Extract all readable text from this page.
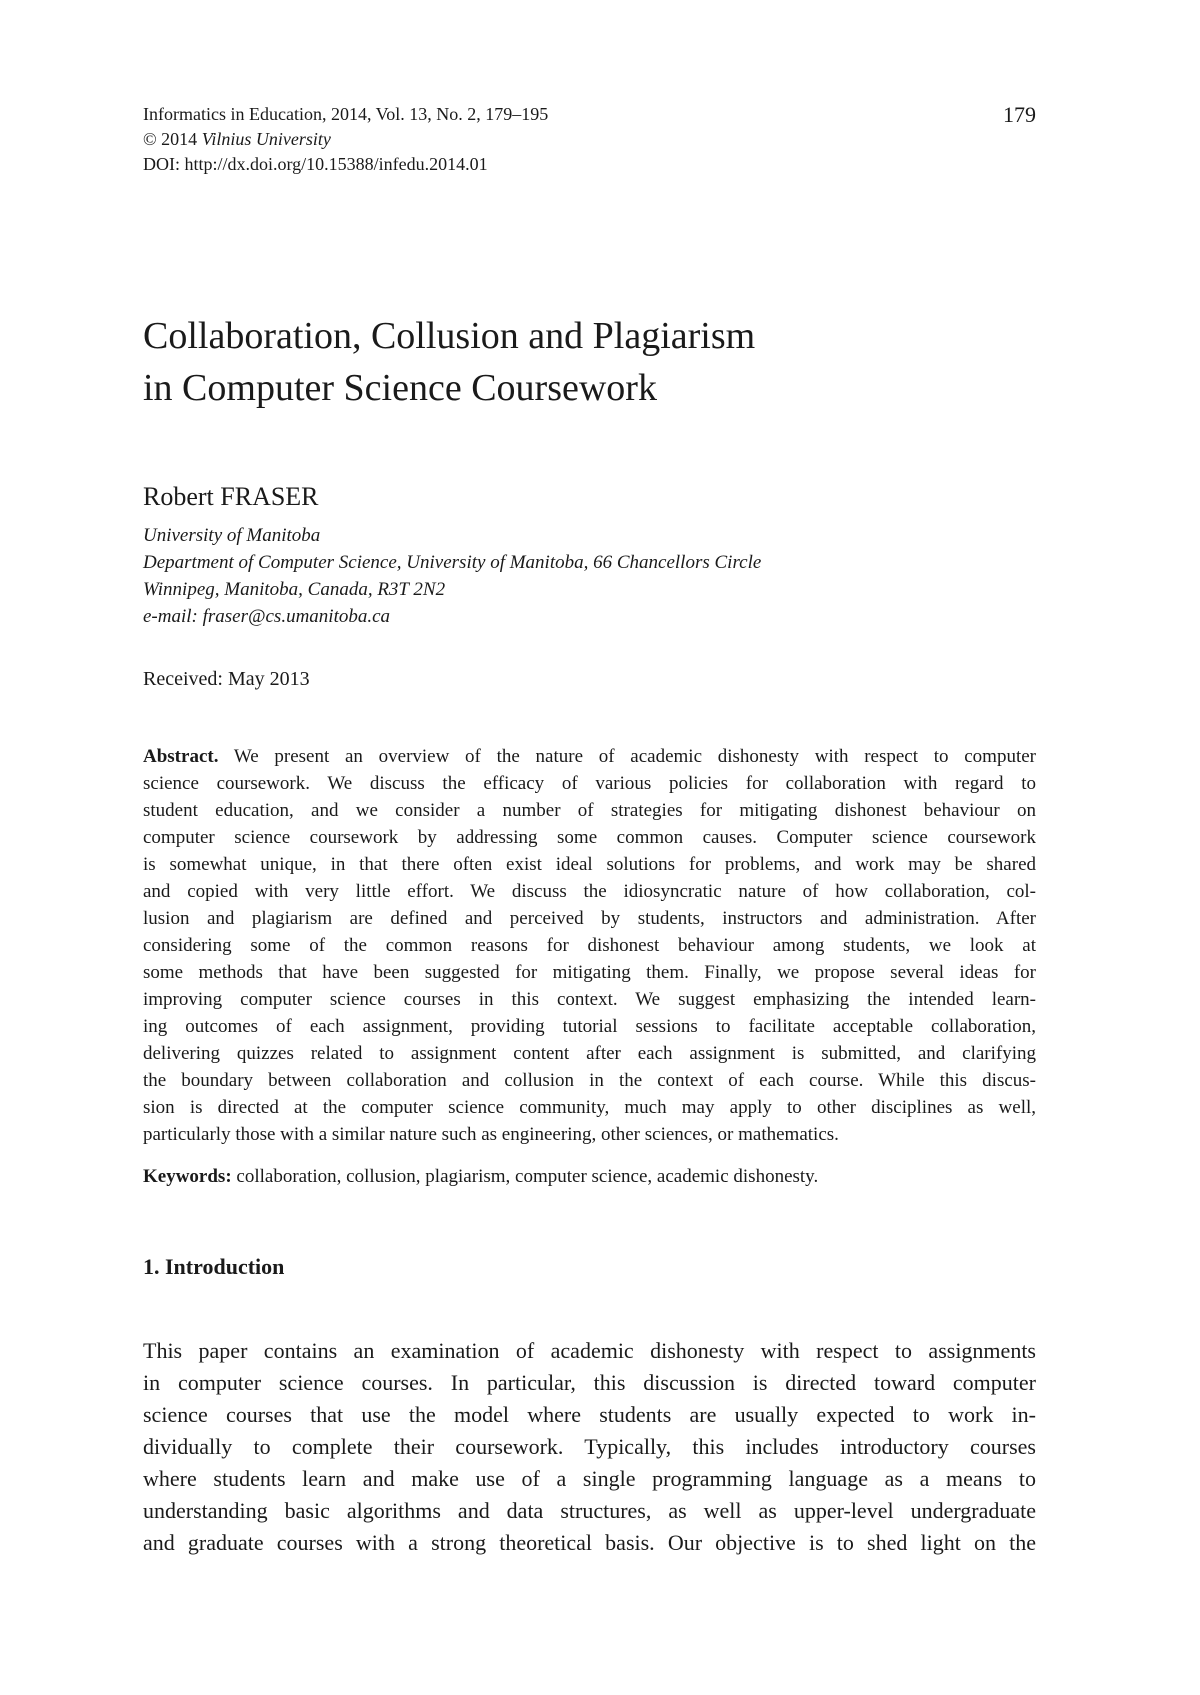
Informatics in Education, 2014, Vol. 13, No. 2, 179–195
© 2014 Vilnius University
DOI: http://dx.doi.org/10.15388/infedu.2014.01
179
Collaboration, Collusion and Plagiarism
in Computer Science Coursework
Robert FRASER
University of Manitoba
Department of Computer Science, University of Manitoba, 66 Chancellors Circle
Winnipeg, Manitoba, Canada, R3T 2N2
e-mail: fraser@cs.umanitoba.ca
Received: May 2013
Abstract. We present an overview of the nature of academic dishonesty with respect to computer
science coursework. We discuss the efficacy of various policies for collaboration with regard to
student education, and we consider a number of strategies for mitigating dishonest behaviour on
computer science coursework by addressing some common causes. Computer science coursework
is somewhat unique, in that there often exist ideal solutions for problems, and work may be shared
and copied with very little effort. We discuss the idiosyncratic nature of how collaboration, col-
lusion and plagiarism are defined and perceived by students, instructors and administration. After
considering some of the common reasons for dishonest behaviour among students, we look at
some methods that have been suggested for mitigating them. Finally, we propose several ideas for
improving computer science courses in this context. We suggest emphasizing the intended learn-
ing outcomes of each assignment, providing tutorial sessions to facilitate acceptable collaboration,
delivering quizzes related to assignment content after each assignment is submitted, and clarifying
the boundary between collaboration and collusion in the context of each course. While this discus-
sion is directed at the computer science community, much may apply to other disciplines as well,
particularly those with a similar nature such as engineering, other sciences, or mathematics.
Keywords: collaboration, collusion, plagiarism, computer science, academic dishonesty.
1. Introduction
This paper contains an examination of academic dishonesty with respect to assignments
in computer science courses. In particular, this discussion is directed toward computer
science courses that use the model where students are usually expected to work in-
dividually to complete their coursework. Typically, this includes introductory courses
where students learn and make use of a single programming language as a means to
understanding basic algorithms and data structures, as well as upper-level undergraduate
and graduate courses with a strong theoretical basis. Our objective is to shed light on the
